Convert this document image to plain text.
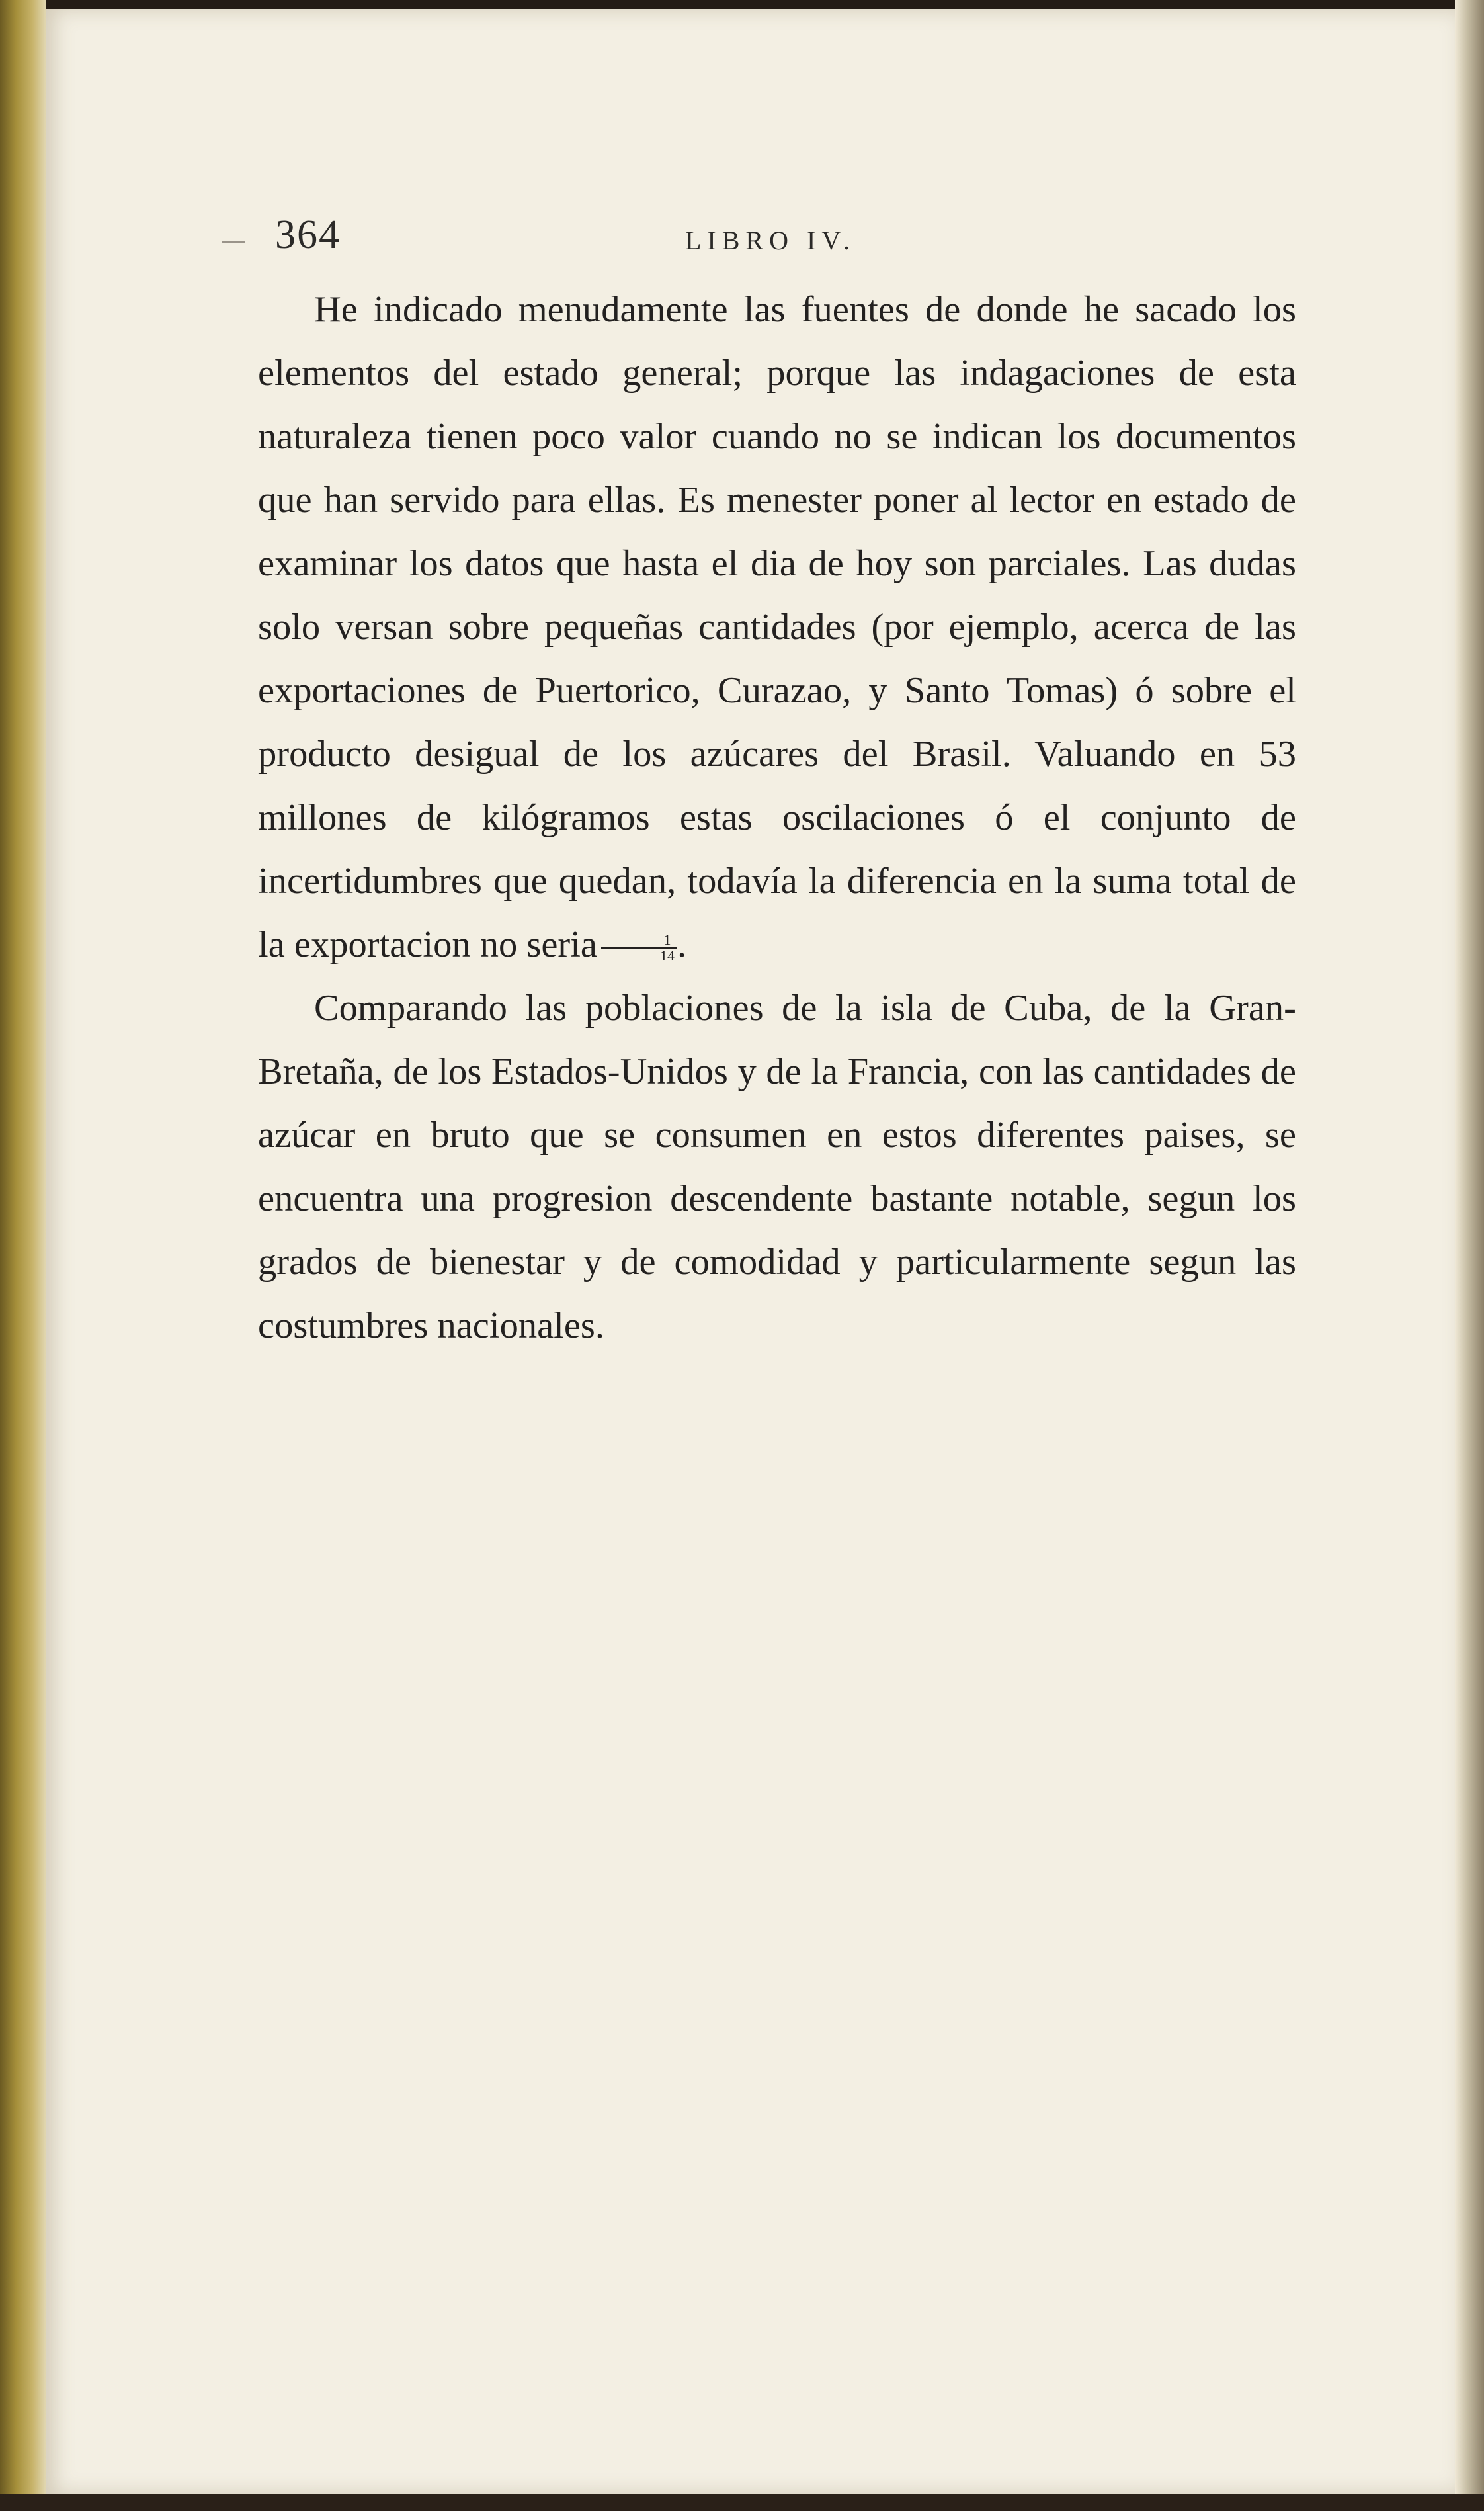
364	LIBRO IV.

He indicado menudamente las fuentes de donde he sacado los elementos del estado general; porque las indagaciones de esta naturaleza tienen poco valor cuando no se indican los documentos que han servido para ellas. Es menester poner al lector en estado de examinar los datos que hasta el dia de hoy son parciales. Las dudas solo versan sobre pequeñas cantidades (por ejemplo, acerca de las exportaciones de Puertorico, Curazao, y Santo Tomas) ó sobre el producto desigual de los azúcares del Brasil. Valuando en 53 millones de kilógramos estas oscilaciones ó el conjunto de incertidumbres que quedan, todavía la diferencia en la suma total de la exportacion no seria $\frac{1}{14}$ .

Comparando las poblaciones de la isla de Cuba, de la Gran-Bretaña, de los Estados-Unidos y de la Francia, con las cantidades de azúcar en bruto que se consumen en estos diferentes paises, se encuentra una progresion descendente bastante notable, segun los grados de bienestar y de comodidad y particularmente segun las costumbres nacionales.
